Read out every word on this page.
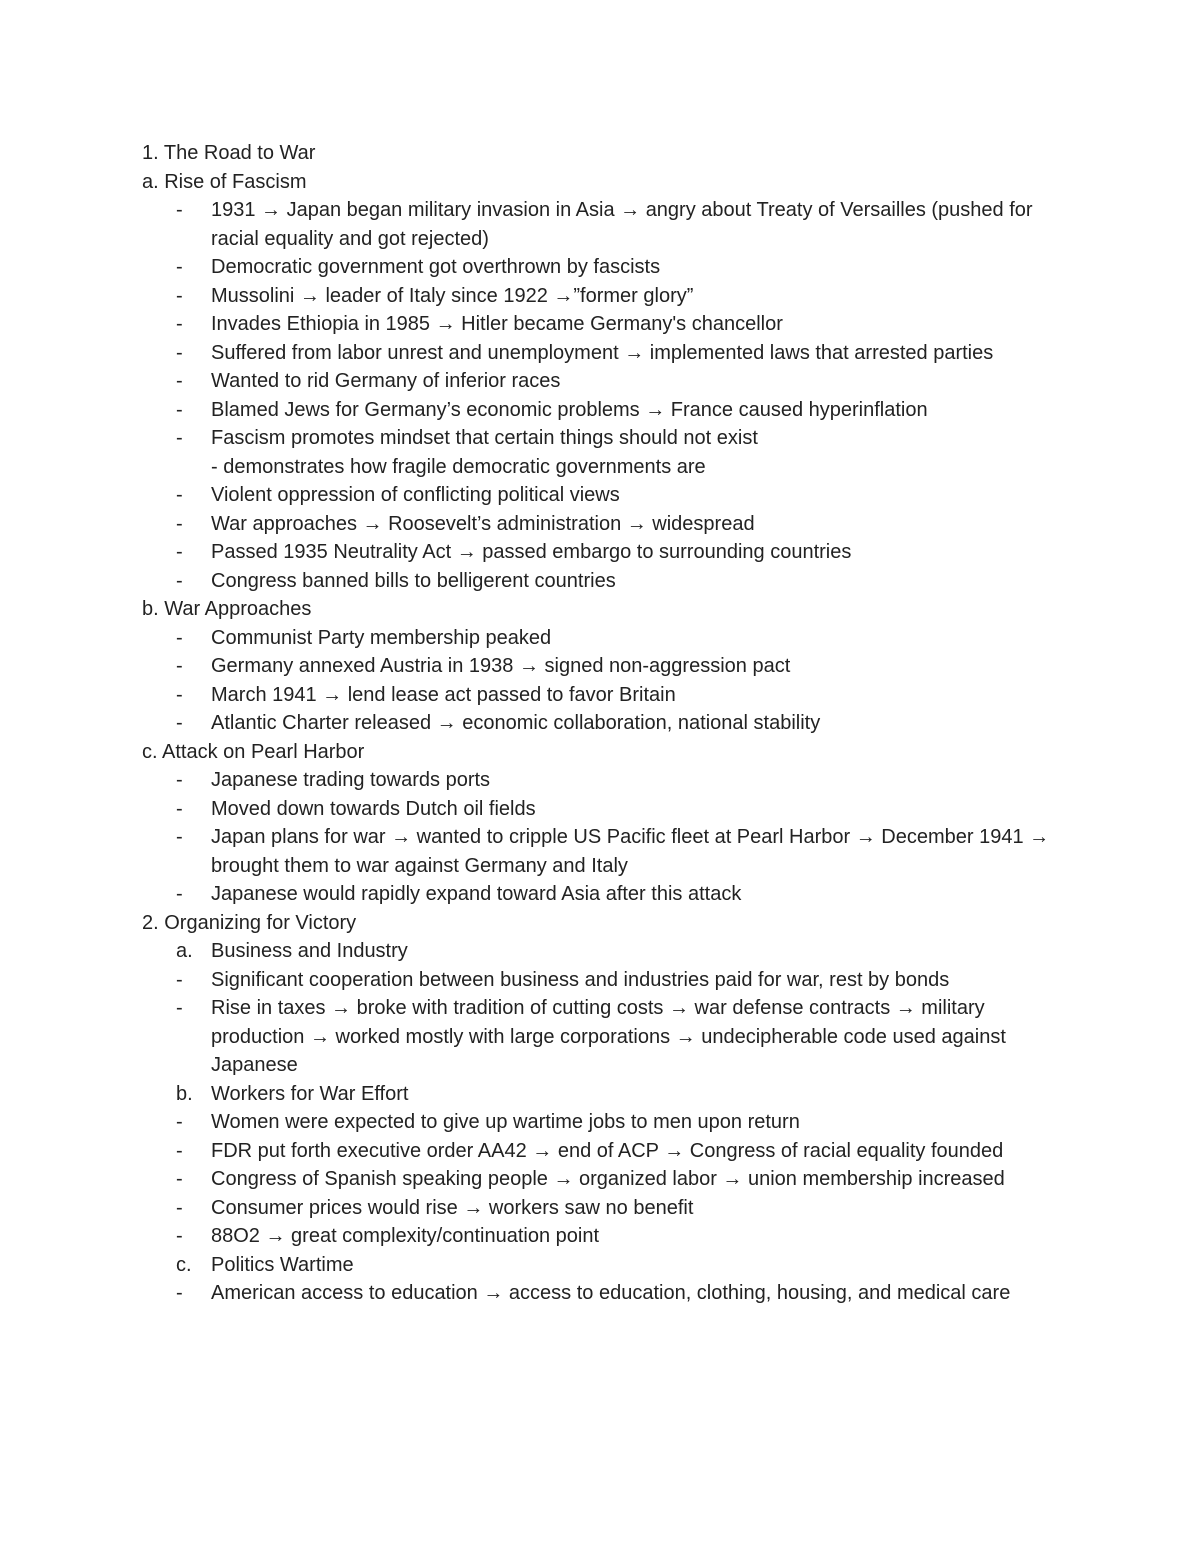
1. The Road to War
a. Rise of Fascism
-	1931 → Japan began military invasion in Asia → angry about Treaty of Versailles (pushed for racial equality and got rejected)
-	Democratic government got overthrown by fascists
-	Mussolini → leader of Italy since 1922 →”former glory”
-	Invades Ethiopia in 1985 → Hitler became Germany's chancellor
-	Suffered from labor unrest and unemployment → implemented laws that arrested parties
-	Wanted to rid Germany of inferior races
-	Blamed Jews for Germany’s economic problems → France caused hyperinflation
-	Fascism promotes mindset that certain things should not exist
- demonstrates how fragile democratic governments are
-	Violent oppression of conflicting political views
-	War approaches → Roosevelt’s administration → widespread
-	Passed 1935 Neutrality Act → passed embargo to surrounding countries
-	Congress banned bills to belligerent countries
b. War Approaches
-	Communist Party membership peaked
-	Germany annexed Austria in 1938 → signed non-aggression pact
-	March 1941 → lend lease act passed to favor Britain
-	Atlantic Charter released → economic collaboration, national stability
c. Attack on Pearl Harbor
-	Japanese trading towards ports
-	Moved down towards Dutch oil fields
-	Japan plans for war → wanted to cripple US Pacific fleet at Pearl Harbor → December 1941 → brought them to war against Germany and Italy
-	Japanese would rapidly expand toward Asia after this attack
2. Organizing for Victory
a. Business and Industry
-	Significant cooperation between business and industries paid for war, rest by bonds
-	Rise in taxes → broke with tradition of cutting costs → war defense contracts → military production → worked mostly with large corporations → undecipherable code used against Japanese
b. Workers for War Effort
-	Women were expected to give up wartime jobs to men upon return
-	FDR put forth executive order AA42 → end of ACP → Congress of racial equality founded
-	Congress of Spanish speaking people → organized labor → union membership increased
-	Consumer prices would rise → workers saw no benefit
-	88O2 → great complexity/continuation point
c. Politics Wartime
-	American access to education → access to education, clothing, housing, and medical care
